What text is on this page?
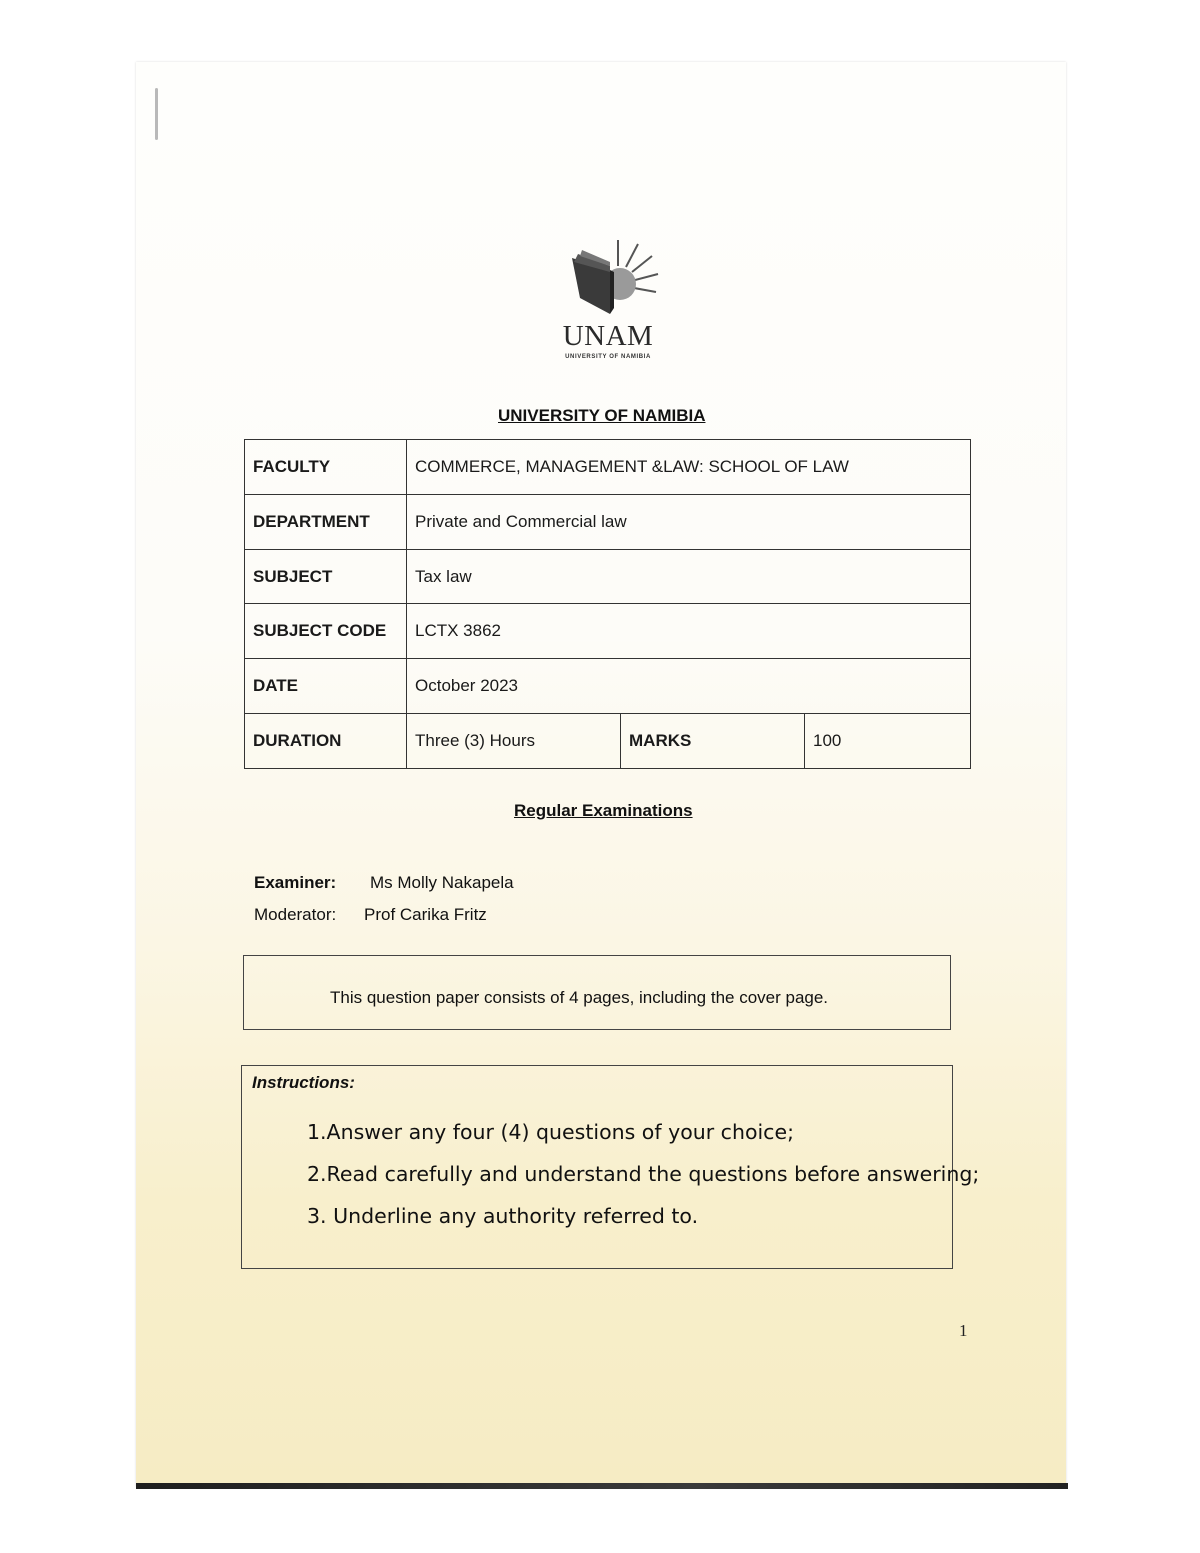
UNAM
UNIVERSITY OF NAMIBIA
UNIVERSITY OF NAMIBIA
FACULTY	COMMERCE, MANAGEMENT &LAW: SCHOOL OF LAW		
DEPARTMENT	Private and Commercial law		
SUBJECT	Tax law		
SUBJECT CODE	LCTX 3862		
DATE	October 2023		
DURATION	Three (3) Hours	MARKS	100
Regular Examinations
Examiner: Ms Molly Nakapela
Moderator: Prof Carika Fritz
This question paper consists of 4 pages, including the cover page.
Instructions:
1.Answer any four (4) questions of your choice;
2.Read carefully and understand the questions before answering;
3. Underline any authority referred to.
1
